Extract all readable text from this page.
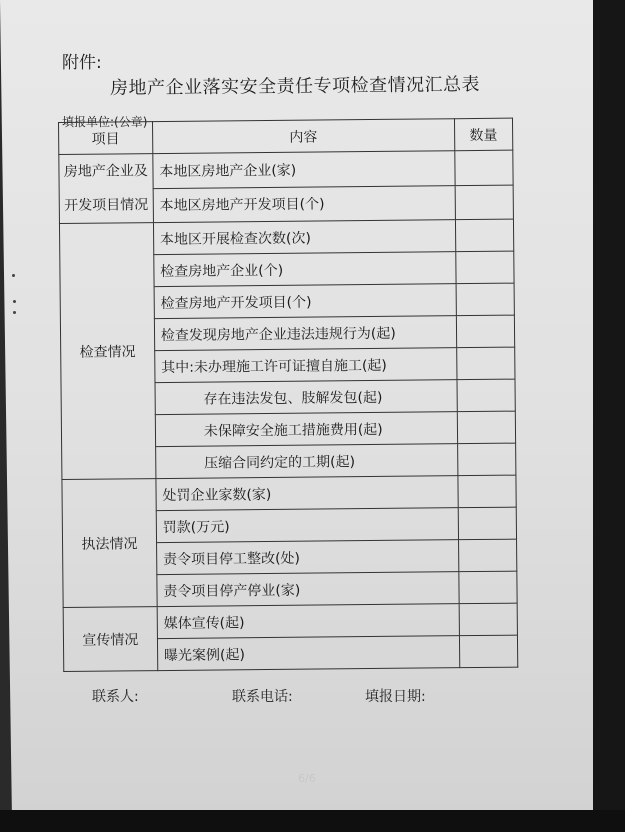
附件:
房地产企业落实安全责任专项检查情况汇总表
填报单位:(公章)
项目	内容	数量

房地产企业及
开发项目情况	本地区房地产企业(家)	
	本地区房地产开发项目(个)	
检查情况	本地区开展检查次数(次)	
	检查房地产企业(个)	
	检查房地产开发项目(个)	
	检查发现房地产企业违法违规行为(起)	
	其中:未办理施工许可证擅自施工(起)	
	存在违法发包、肢解发包(起)	
	未保障安全施工措施费用(起)	
	压缩合同约定的工期(起)	
执法情况	处罚企业家数(家)	
	罚款(万元)	
	责令项目停工整改(处)	
	责令项目停产停业(家)	
宣传情况	媒体宣传(起)	
	曝光案例(起)	
联系人:	联系电话:	填报日期:
6/6
